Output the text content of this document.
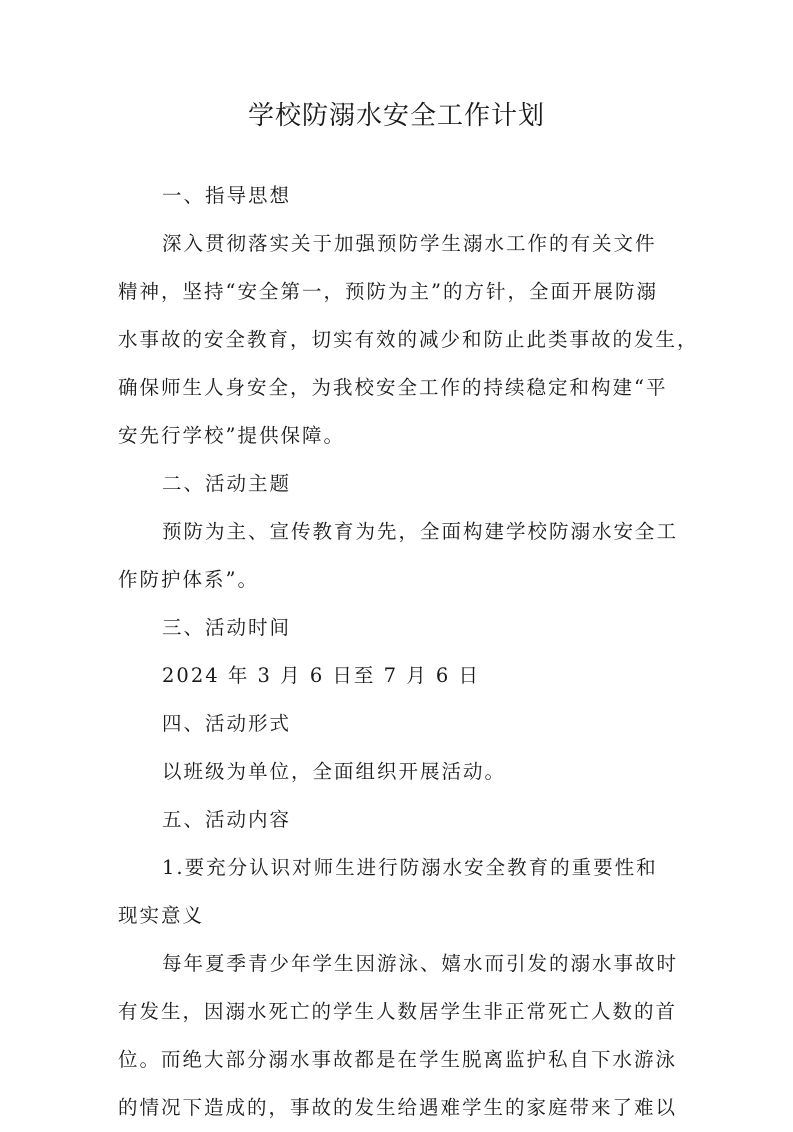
学校防溺水安全工作计划
一、指导思想
深入贯彻落实关于加强预防学生溺水工作的有关文件
精神，坚持“安全第一，预防为主”的方针，全面开展防溺
水事故的安全教育，切实有效的减少和防止此类事故的发生，
确保师生人身安全，为我校安全工作的持续稳定和构建“平
安先行学校”提供保障。
二、活动主题
预防为主、宣传教育为先，全面构建学校防溺水安全工
作防护体系”。
三、活动时间
2024 年 3 月 6 日至 7 月 6 日
四、活动形式
以班级为单位，全面组织开展活动。
五、活动内容
1.要充分认识对师生进行防溺水安全教育的重要性和
现实意义
每年夏季青少年学生因游泳、嬉水而引发的溺水事故时
有发生，因溺水死亡的学生人数居学生非正常死亡人数的首
位。而绝大部分溺水事故都是在学生脱离监护私自下水游泳
的情况下造成的，事故的发生给遇难学生的家庭带来了难以
